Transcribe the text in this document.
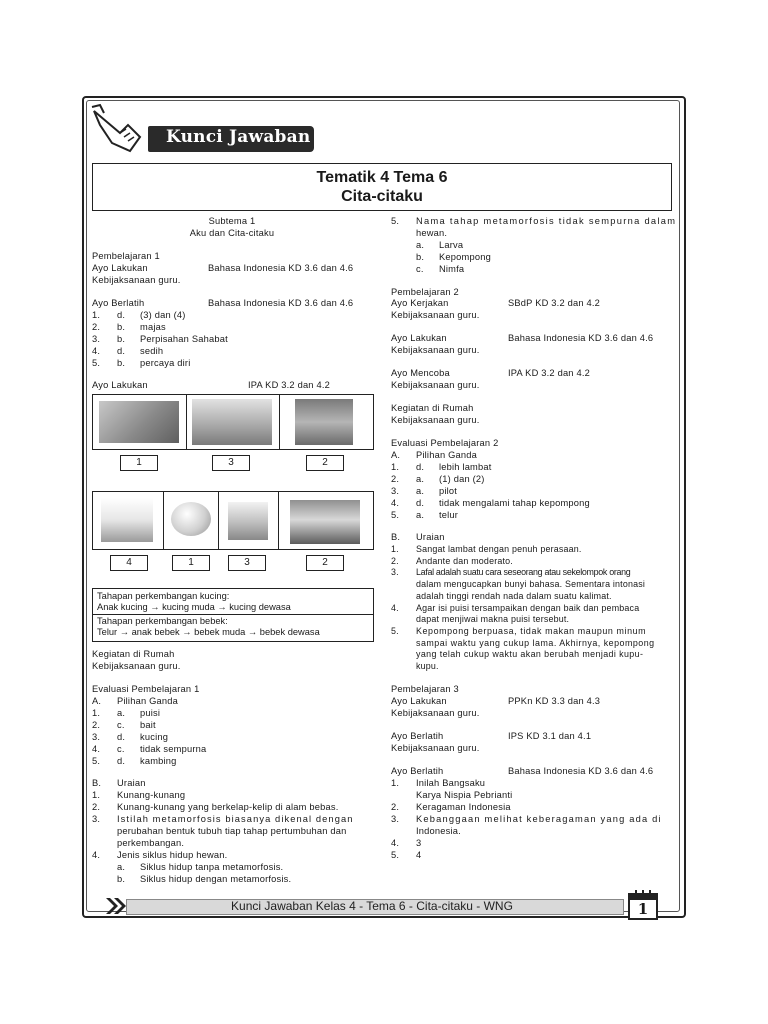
Kunci Jawaban
Tematik 4 Tema 6
Cita-citaku
Subtema 1
Aku dan Cita-citaku
Pembelajaran 1
Ayo Lakukan	Bahasa Indonesia KD 3.6 dan 4.6
Kebijaksanaan guru.
Ayo Berlatih	Bahasa Indonesia KD 3.6 dan 4.6
1. d. (3) dan (4)
2. b. majas
3. b. Perpisahan Sahabat
4. d. sedih
5. b. percaya diri
Ayo Lakukan	IPA KD 3.2 dan 4.2
1	3	2
4	1	3	2
Tahapan perkembangan kucing:
Anak kucing → kucing muda → kucing dewasa
Tahapan perkembangan bebek:
Telur → anak bebek → bebek muda → bebek dewasa
Kegiatan di Rumah
Kebijaksanaan guru.
Evaluasi Pembelajaran 1
A. Pilihan Ganda
1. a. puisi
2. c. bait
3. d. kucing
4. c. tidak sempurna
5. d. kambing
B. Uraian
1. Kunang-kunang
2. Kunang-kunang yang berkelap-kelip di alam bebas.
3. Istilah metamorfosis biasanya dikenal dengan
perubahan bentuk tubuh tiap tahap pertumbuhan dan
perkembangan.
4. Jenis siklus hidup hewan.
a. Siklus hidup tanpa metamorfosis.
b. Siklus hidup dengan metamorfosis.
5. Nama tahap metamorfosis tidak sempurna dalam
hewan.
a. Larva
b. Kepompong
c. Nimfa
Pembelajaran 2
Ayo Kerjakan	SBdP KD 3.2 dan 4.2
Kebijaksanaan guru.
Ayo Lakukan	Bahasa Indonesia KD 3.6 dan 4.6
Kebijaksanaan guru.
Ayo Mencoba	IPA KD 3.2 dan 4.2
Kebijaksanaan guru.
Kegiatan di Rumah
Kebijaksanaan guru.
Evaluasi Pembelajaran 2
A. Pilihan Ganda
1. d. lebih lambat
2. a. (1) dan (2)
3. a. pilot
4. d. tidak mengalami tahap kepompong
5. a. telur
B. Uraian
1. Sangat lambat dengan penuh perasaan.
2. Andante dan moderato.
3. Lafal adalah suatu cara seseorang atau sekelompok orang
dalam mengucapkan bunyi bahasa. Sementara intonasi
adalah tinggi rendah nada dalam suatu kalimat.
4. Agar isi puisi tersampaikan dengan baik dan pembaca
dapat menjiwai makna puisi tersebut.
5. Kepompong berpuasa, tidak makan maupun minum
sampai waktu yang cukup lama. Akhirnya, kepompong
yang telah cukup waktu akan berubah menjadi kupu-
kupu.
Pembelajaran 3
Ayo Lakukan	PPKn KD 3.3 dan 4.3
Kebijaksanaan guru.
Ayo Berlatih	IPS KD 3.1 dan 4.1
Kebijaksanaan guru.
Ayo Berlatih	Bahasa Indonesia KD 3.6 dan 4.6
1. Inilah Bangsaku
Karya Nispia Pebrianti
2. Keragaman Indonesia
3. Kebanggaan melihat keberagaman yang ada di
Indonesia.
4. 3
5. 4
Kunci Jawaban Kelas 4 - Tema 6 - Cita-citaku - WNG	1
